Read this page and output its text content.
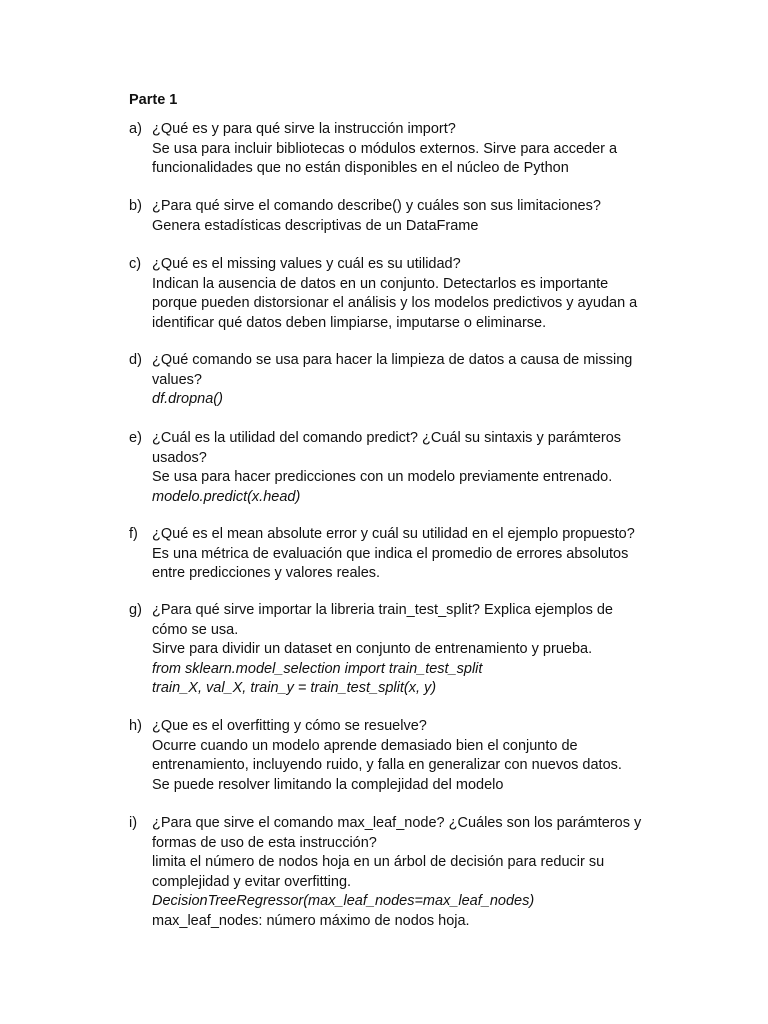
Parte 1
a) ¿Qué es y para qué sirve la instrucción import?
Se usa para incluir bibliotecas o módulos externos. Sirve para acceder a
funcionalidades que no están disponibles en el núcleo de Python
b) ¿Para qué sirve el comando describe() y cuáles son sus limitaciones?
Genera estadísticas descriptivas de un DataFrame
c) ¿Qué es el missing values y cuál es su utilidad?
Indican la ausencia de datos en un conjunto. Detectarlos es importante
porque pueden distorsionar el análisis y los modelos predictivos y ayudan a
identificar qué datos deben limpiarse, imputarse o eliminarse.
d) ¿Qué comando se usa para hacer la limpieza de datos a causa de missing
values?
df.dropna()
e) ¿Cuál es la utilidad del comando predict? ¿Cuál su sintaxis y parámteros
usados?
Se usa para hacer predicciones con un modelo previamente entrenado.
modelo.predict(x.head)
f) ¿Qué es el mean absolute error y cuál su utilidad en el ejemplo propuesto?
Es una métrica de evaluación que indica el promedio de errores absolutos
entre predicciones y valores reales.
g) ¿Para qué sirve importar la libreria train_test_split? Explica ejemplos de
cómo se usa.
Sirve para dividir un dataset en conjunto de entrenamiento y prueba.
from sklearn.model_selection import train_test_split
train_X, val_X, train_y = train_test_split(x, y)
h) ¿Que es el overfitting y cómo se resuelve?
Ocurre cuando un modelo aprende demasiado bien el conjunto de
entrenamiento, incluyendo ruido, y falla en generalizar con nuevos datos.
Se puede resolver limitando la complejidad del modelo
i)	¿Para que sirve el comando max_leaf_node? ¿Cuáles son los parámteros y
formas de uso de esta instrucción?
limita el número de nodos hoja en un árbol de decisión para reducir su
complejidad y evitar overfitting.
DecisionTreeRegressor(max_leaf_nodes=max_leaf_nodes)
max_leaf_nodes: número máximo de nodos hoja.
